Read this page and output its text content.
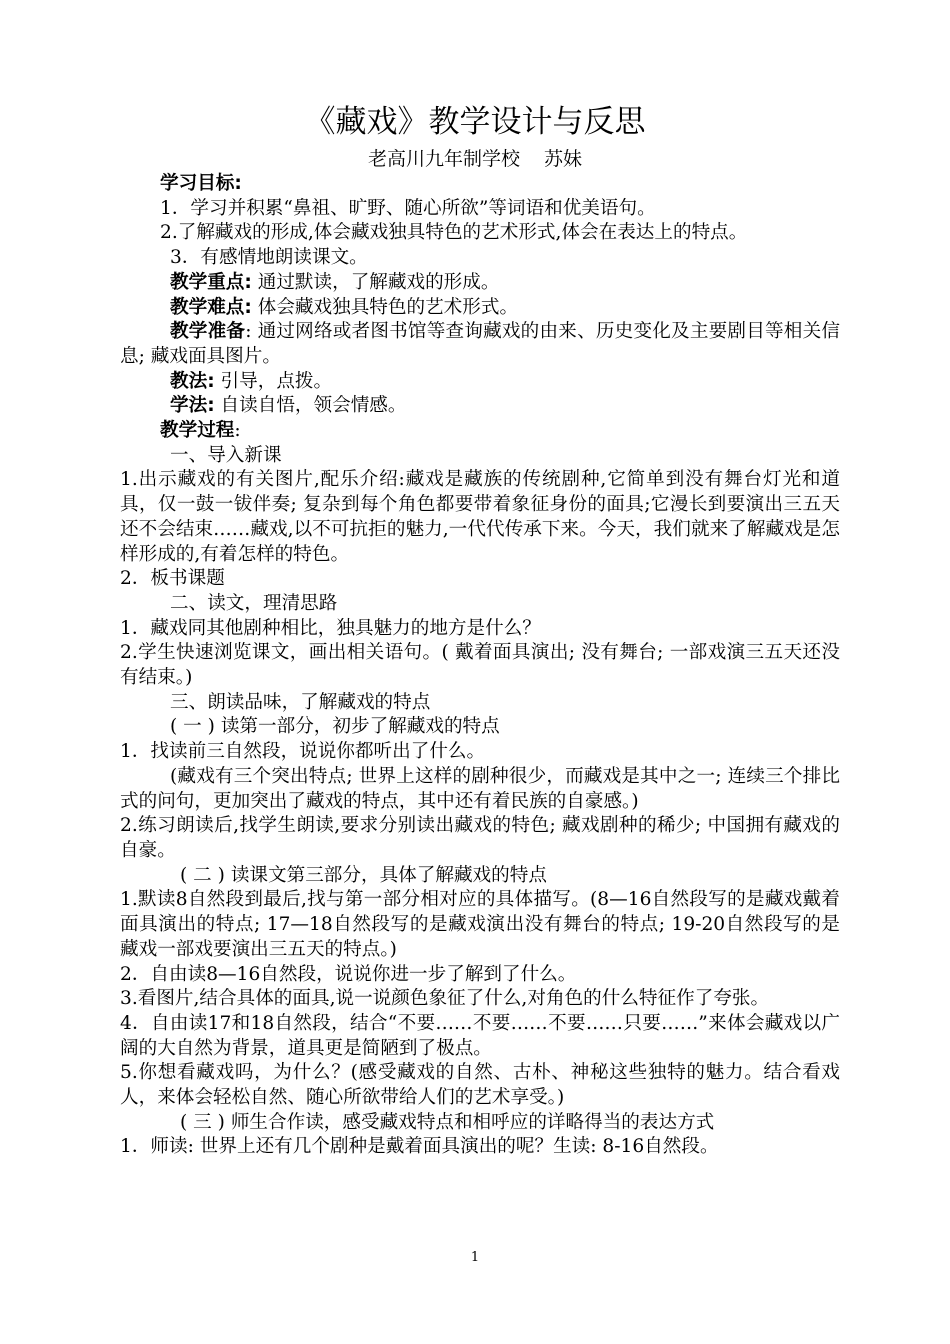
《藏戏》教学设计与反思
老高川九年制学校 苏妹

学习目标:

1．学习并积累“鼻祖、旷野、随心所欲”等词语和优美语句。

2.了解藏戏的形成,体会藏戏独具特色的艺术形式,体会在表达上的特点。

3．有感情地朗读课文。

教学重点: 通过默读，了解藏戏的形成。

教学难点: 体会藏戏独具特色的艺术形式。

教学准备: 通过网络或者图书馆等查询藏戏的由来、历史变化及主要剧目等相关信息; 藏戏面具图片。

教法: 引导，点拨。

学法: 自读自悟，领会情感。

教学过程:

一、导入新课

1.出示藏戏的有关图片,配乐介绍:藏戏是藏族的传统剧种,它简单到没有舞台灯光和道具，仅一鼓一钹伴奏; 复杂到每个角色都要带着象征身份的面具;它漫长到要演出三五天还不会结束……藏戏,以不可抗拒的魅力,一代代传承下来。今天，我们就来了解藏戏是怎样形成的,有着怎样的特色。

2．板书课题

二、读文，理清思路

1．藏戏同其他剧种相比，独具魅力的地方是什么？

2.学生快速浏览课文，画出相关语句。( 戴着面具演出; 没有舞台; 一部戏演三五天还没有结束。)

三、朗读品味，了解藏戏的特点

( 一 ) 读第一部分，初步了解藏戏的特点

1．找读前三自然段，说说你都听出了什么。

(藏戏有三个突出特点; 世界上这样的剧种很少，而藏戏是其中之一; 连续三个排比式的问句，更加突出了藏戏的特点，其中还有着民族的自豪感。)

2.练习朗读后,找学生朗读,要求分别读出藏戏的特色; 藏戏剧种的稀少; 中国拥有藏戏的自豪。

( 二 ) 读课文第三部分，具体了解藏戏的特点

1.默读8自然段到最后,找与第一部分相对应的具体描写。(8—16自然段写的是藏戏戴着面具演出的特点; 17—18自然段写的是藏戏演出没有舞台的特点; 19-20自然段写的是藏戏一部戏要演出三五天的特点。)

2．自由读8—16自然段，说说你进一步了解到了什么。

3.看图片,结合具体的面具,说一说颜色象征了什么,对角色的什么特征作了夸张。

4．自由读17和18自然段，结合“不要……不要……不要……只要……”来体会藏戏以广阔的大自然为背景，道具更是简陋到了极点。

5.你想看藏戏吗，为什么？(感受藏戏的自然、古朴、神秘这些独特的魅力。结合看戏人，来体会轻松自然、随心所欲带给人们的艺术享受。)

( 三 ) 师生合作读，感受藏戏特点和相呼应的详略得当的表达方式

1．师读: 世界上还有几个剧种是戴着面具演出的呢？生读: 8-16自然段。

1
